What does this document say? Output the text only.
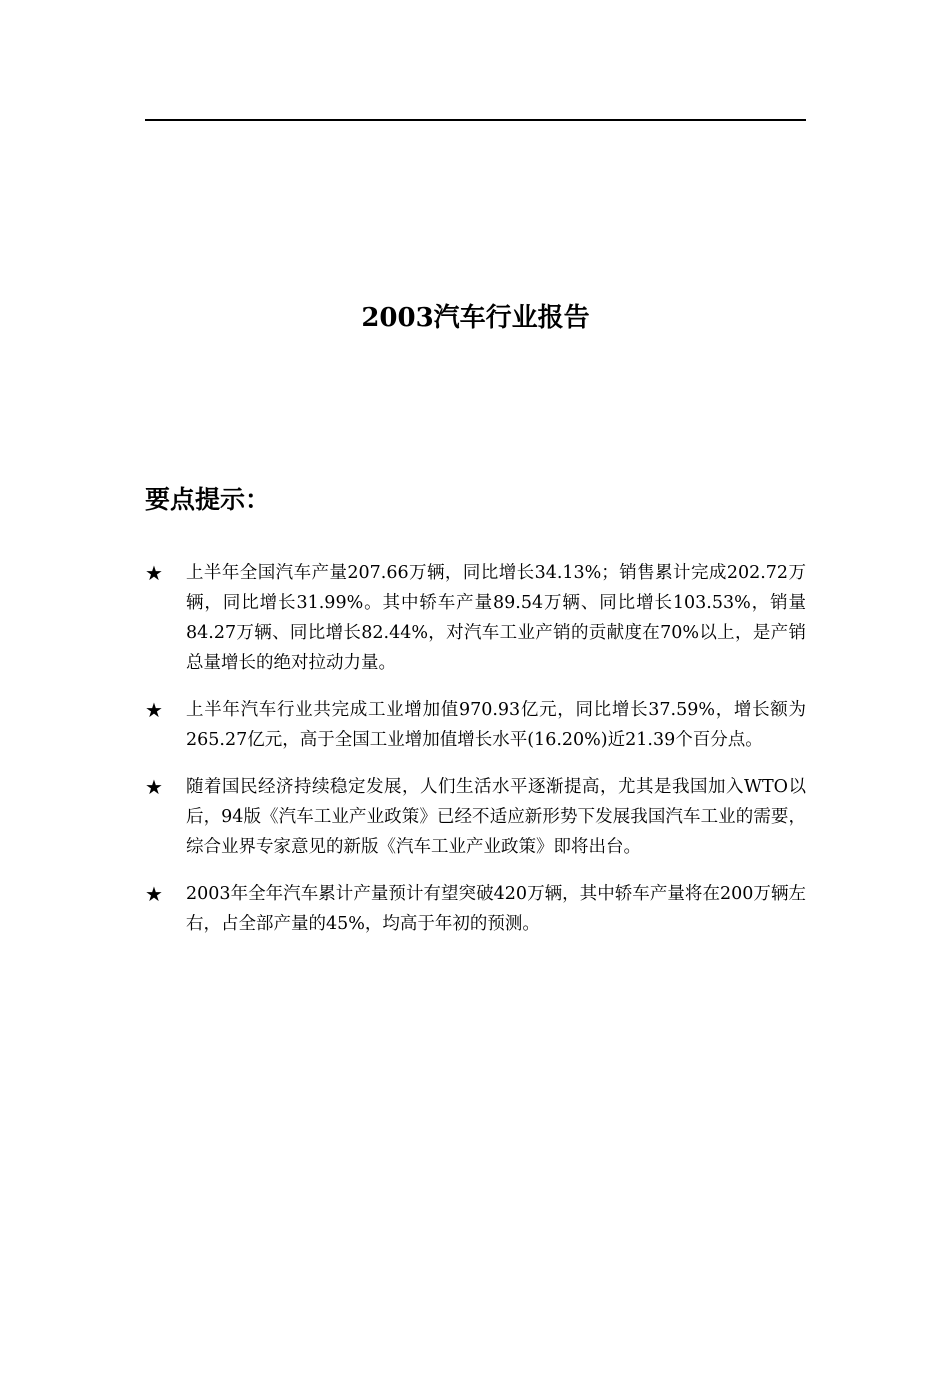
2003汽车行业报告
要点提示：
★	上半年全国汽车产量207.66万辆，同比增长34.13%；销售累计完成202.72万辆，同比增长31.99%。其中轿车产量89.54万辆、同比增长103.53%，销量84.27万辆、同比增长82.44%，对汽车工业产销的贡献度在70%以上，是产销总量增长的绝对拉动力量。
★	上半年汽车行业共完成工业增加值970.93亿元，同比增长37.59%，增长额为265.27亿元，高于全国工业增加值增长水平(16.20%)近21.39个百分点。
★	随着国民经济持续稳定发展，人们生活水平逐渐提高，尤其是我国加入WTO以后，94版《汽车工业产业政策》已经不适应新形势下发展我国汽车工业的需要，综合业界专家意见的新版《汽车工业产业政策》即将出台。
★	2003年全年汽车累计产量预计有望突破420万辆，其中轿车产量将在200万辆左右，占全部产量的45%，均高于年初的预测。
